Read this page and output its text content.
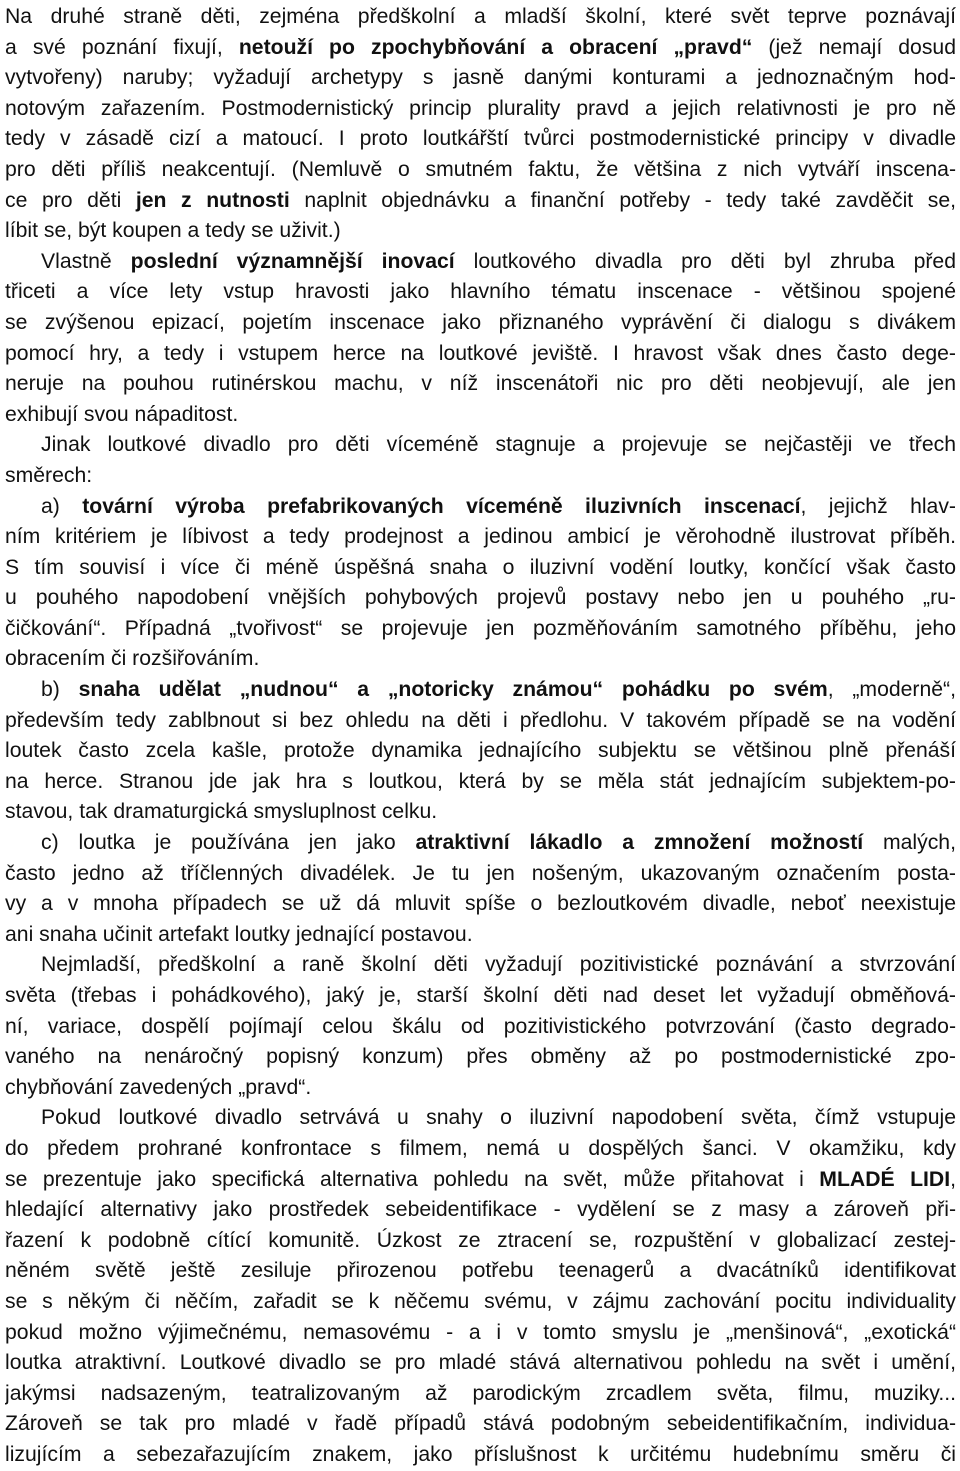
Na druhé straně děti, zejména předškolní a mladší školní, které svět teprve poznávají
a své poznání fixují, netouží po zpochybňování a obracení „pravd“ (jež nemají dosud
vytvořeny) naruby; vyžadují archetypy s jasně danými konturami a jednoznačným hod-
notovým zařazením. Postmodernistický princip plurality pravd a jejich relativnosti je pro ně
tedy v zásadě cizí a matoucí. I proto loutkářští tvůrci postmodernistické principy v divadle
pro děti příliš neakcentují. (Nemluvě o smutném faktu, že většina z nich vytváří inscena-
ce pro děti jen z nutnosti naplnit objednávku a finanční potřeby - tedy také zavděčit se,
líbit se, být koupen a tedy se uživit.)
Vlastně poslední významnější inovací loutkového divadla pro děti byl zhruba před
třiceti a více lety vstup hravosti jako hlavního tématu inscenace - většinou spojené
se zvýšenou epizací, pojetím inscenace jako přiznaného vyprávění či dialogu s divákem
pomocí hry, a tedy i vstupem herce na loutkové jeviště. I hravost však dnes často dege-
neruje na pouhou rutinérskou machu, v níž inscenátoři nic pro děti neobjevují, ale jen
exhibují svou nápaditost.
Jinak loutkové divadlo pro děti víceméně stagnuje a projevuje se nejčastěji ve třech
směrech:
a) tovární výroba prefabrikovaných víceméně iluzivních inscenací, jejichž hlav-
ním kritériem je líbivost a tedy prodejnost a jedinou ambicí je věrohodně ilustrovat příběh.
S tím souvisí i více či méně úspěšná snaha o iluzivní vodění loutky, končící však často
u pouhého napodobení vnějších pohybových projevů postavy nebo jen u pouhého „ru-
čičkování“. Případná „tvořivost“ se projevuje jen pozměňováním samotného příběhu, jeho
obracením či rozšiřováním.
b) snaha udělat „nudnou“ a „notoricky známou“ pohádku po svém, „moderně“,
především tedy zablbnout si bez ohledu na děti i předlohu. V takovém případě se na vodění
loutek často zcela kašle, protože dynamika jednajícího subjektu se většinou plně přenáší
na herce. Stranou jde jak hra s loutkou, která by se měla stát jednajícím subjektem-po-
stavou, tak dramaturgická smysluplnost celku.
c) loutka je používána jen jako atraktivní lákadlo a zmnožení možností malých,
často jedno až tříčlenných divadélek. Je tu jen nošeným, ukazovaným označením posta-
vy a v mnoha případech se už dá mluvit spíše o bezloutkovém divadle, neboť neexistuje
ani snaha učinit artefakt loutky jednající postavou.
Nejmladší, předškolní a raně školní děti vyžadují pozitivistické poznávání a stvrzování
světa (třebas i pohádkového), jaký je, starší školní děti nad deset let vyžadují obměňová-
ní, variace, dospělí pojímají celou škálu od pozitivistického potvrzování (často degrado-
vaného na nenáročný popisný konzum) přes obměny až po postmodernistické zpo-
chybňování zavedených „pravd“.
Pokud loutkové divadlo setrvává u snahy o iluzivní napodobení světa, čímž vstupuje
do předem prohrané konfrontace s filmem, nemá u dospělých šanci. V okamžiku, kdy
se prezentuje jako specifická alternativa pohledu na svět, může přitahovat i MLADÉ LIDI,
hledající alternativy jako prostředek sebeidentifikace - vydělení se z masy a zároveň při-
řazení k podobně cítící komunitě. Úzkost ze ztracení se, rozpuštění v globalizací zestej-
něném světě ještě zesiluje přirozenou potřebu teenagerů a dvacátníků identifikovat
se s někým či něčím, zařadit se k něčemu svému, v zájmu zachování pocitu individuality
pokud možno výjimečnému, nemasovému - a i v tomto smyslu je „menšinová“, „exotická“
loutka atraktivní. Loutkové divadlo se pro mladé stává alternativou pohledu na svět i umění,
jakýmsi nadsazeným, teatralizovaným až parodickým zrcadlem světa, filmu, muziky...
Zároveň se tak pro mladé v řadě případů stává podobným sebeidentifikačním, individua-
lizujícím a sebezařazujícím znakem, jako příslušnost k určitému hudebnímu směru či
